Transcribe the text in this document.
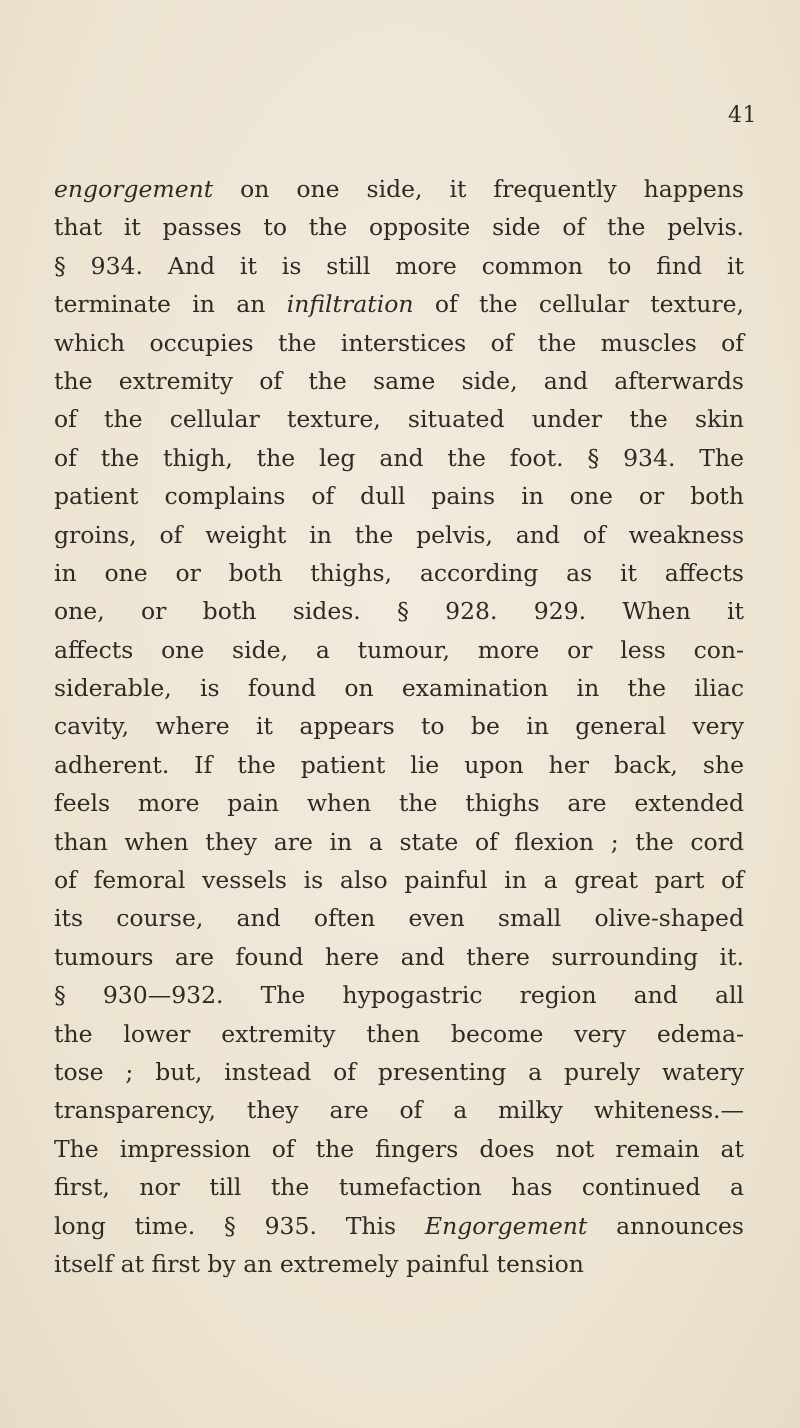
41
engorgement on one side, it frequently happens
that it passes to the opposite side of the pelvis.
§ 934. And it is still more common to find it
terminate in an infiltration of the cellular texture,
which occupies the interstices of the muscles of
the extremity of the same side, and afterwards
of the cellular texture, situated under the skin
of the thigh, the leg and the foot. § 934. The
patient complains of dull pains in one or both
groins, of weight in the pelvis, and of weakness
in one or both thighs, according as it affects
one, or both sides. § 928. 929. When it
affects one side, a tumour, more or less con-
siderable, is found on examination in the iliac
cavity, where it appears to be in general very
adherent. If the patient lie upon her back, she
feels more pain when the thighs are extended
than when they are in a state of flexion ; the cord
of femoral vessels is also painful in a great part of
its course, and often even small olive-shaped
tumours are found here and there surrounding it.
§ 930—932. The hypogastric region and all
the lower extremity then become very edema-
tose ; but, instead of presenting a purely watery
transparency, they are of a milky whiteness.—
The impression of the fingers does not remain at
first, nor till the tumefaction has continued a
long time. § 935. This Engorgement announces
itself at first by an extremely painful tension
